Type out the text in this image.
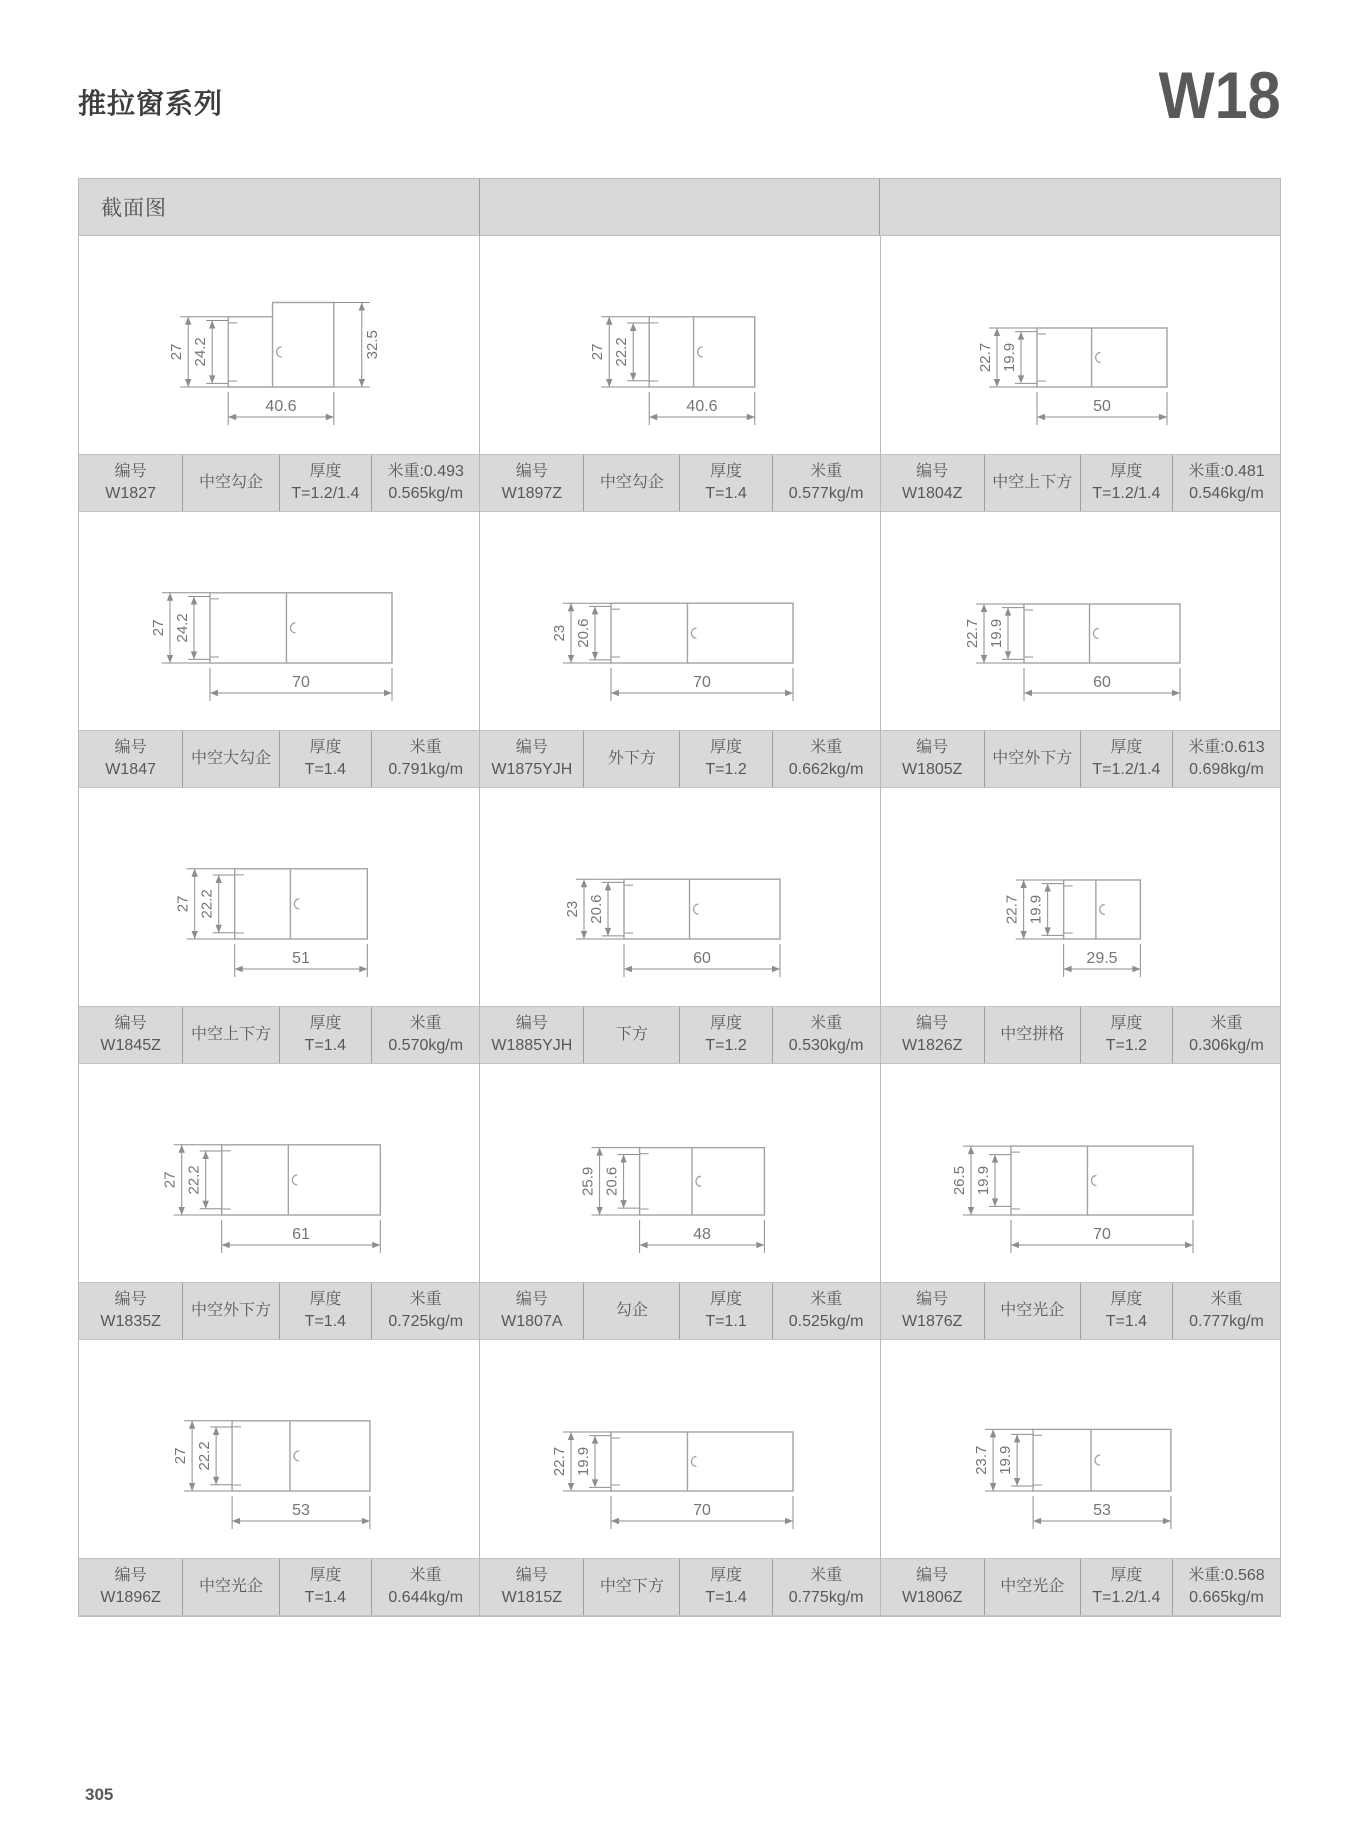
推拉窗系列	W18
截面图
27 24.2	32.5
40.6
编号
W1827
中空勾企
厚度
T=1.2/1.4
米重:0.493
0.565kg/m
27 22.2
40.6
编号
W1897Z
中空勾企
厚度
T=1.4
米重
0.577kg/m
22.7 19.9
50
编号
W1804Z
中空上下方
厚度
T=1.2/1.4
米重:0.481
0.546kg/m
27 24.2
70
编号
W1847
中空大勾企
厚度
T=1.4
米重
0.791kg/m
23 20.6
70
编号
W1875YJH
外下方
厚度
T=1.2
米重
0.662kg/m
22.7 19.9
60
编号
W1805Z
中空外下方
厚度
T=1.2/1.4
米重:0.613
0.698kg/m
27 22.2
51
编号
W1845Z
中空上下方
厚度
T=1.4
米重
0.570kg/m
23 20.6
60
编号
W1885YJH
下方
厚度
T=1.2
米重
0.530kg/m
22.7 19.9
29.5
编号
W1826Z
中空拼格
厚度
T=1.2
米重
0.306kg/m
27 22.2
61
编号
W1835Z
中空外下方
厚度
T=1.4
米重
0.725kg/m
25.9 20.6
48
编号
W1807A
勾企
厚度
T=1.1
米重
0.525kg/m
26.5 19.9
70
编号
W1876Z
中空光企
厚度
T=1.4
米重
0.777kg/m
27 22.2
53
编号
W1896Z
中空光企
厚度
T=1.4
米重
0.644kg/m
22.7 19.9
70
编号
W1815Z
中空下方
厚度
T=1.4
米重
0.775kg/m
23.7 19.9
53
编号
W1806Z
中空光企
厚度
T=1.2/1.4
米重:0.568
0.665kg/m
305
